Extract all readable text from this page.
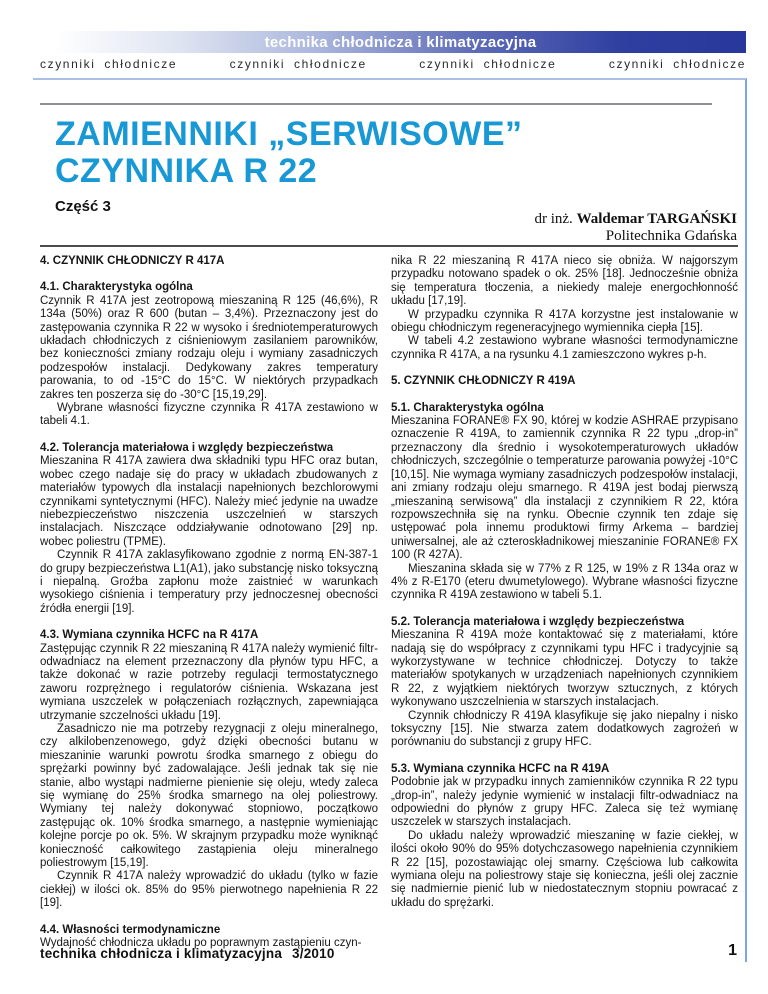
technika chłodnicza i klimatyzacyjna
czynniki chłodnicze	czynniki chłodnicze	czynniki chłodnicze	czynniki chłodnicze
ZAMIENNIKI „SERWISOWE”
CZYNNIKA R 22
Część 3
dr inż. Waldemar TARGAŃSKI
Politechnika Gdańska
4. CZYNNIK CHŁODNICZY R 417A
4.1. Charakterystyka ogólna
Czynnik R 417A jest zeotropową mieszaniną R 125 (46,6%), R 134a (50%) oraz R 600 (butan – 3,4%). Przeznaczony jest do zastępowania czynnika R 22 w wysoko i średniotemperaturowych układach chłodniczych z ciśnieniowym zasilaniem parowników, bez konieczności zmiany rodzaju oleju i wymiany zasadniczych podzespołów instalacji. Dedykowany zakres temperatury parowania, to od -15°C do 15°C. W niektórych przypadkach zakres ten poszerza się do -30°C [15,19,29].
Wybrane własności fizyczne czynnika R 417A zestawiono w tabeli 4.1.
4.2. Tolerancja materiałowa i względy bezpieczeństwa
Mieszanina R 417A zawiera dwa składniki typu HFC oraz butan, wobec czego nadaje się do pracy w układach zbudowanych z materiałów typowych dla instalacji napełnionych bezchlorowymi czynnikami syntetycznymi (HFC). Należy mieć jedynie na uwadze niebezpieczeństwo niszczenia uszczelnień w starszych instalacjach. Niszczące oddziaływanie odnotowano [29] np. wobec poliestru (TPME).
Czynnik R 417A zaklasyfikowano zgodnie z normą EN-387-1 do grupy bezpieczeństwa L1(A1), jako substancję nisko toksyczną i niepalną. Groźba zapłonu może zaistnieć w warunkach wysokiego ciśnienia i temperatury przy jednoczesnej obecności źródła energii [19].
4.3. Wymiana czynnika HCFC na R 417A
Zastępując czynnik R 22 mieszaniną R 417A należy wymienić filtr-odwadniacz na element przeznaczony dla płynów typu HFC, a także dokonać w razie potrzeby regulacji termostatycznego zaworu rozprężnego i regulatorów ciśnienia. Wskazana jest wymiana uszczelek w połączeniach rozłącznych, zapewniająca utrzymanie szczelności układu [19].
Zasadniczo nie ma potrzeby rezygnacji z oleju mineralnego, czy alkilobenzenowego, gdyż dzięki obecności butanu w mieszaninie warunki powrotu środka smarnego z obiegu do sprężarki powinny być zadowalające. Jeśli jednak tak się nie stanie, albo wystąpi nadmierne pienienie się oleju, wtedy zaleca się wymianę do 25% środka smarnego na olej poliestrowy. Wymiany tej należy dokonywać stopniowo, początkowo zastępując ok. 10% środka smarnego, a następnie wymieniając kolejne porcje po ok. 5%. W skrajnym przypadku może wyniknąć konieczność całkowitego zastąpienia oleju mineralnego poliestrowym [15,19].
Czynnik R 417A należy wprowadzić do układu (tylko w fazie ciekłej) w ilości ok. 85% do 95% pierwotnego napełnienia R 22 [19].
4.4. Własności termodynamiczne
Wydajność chłodnicza układu po poprawnym zastąpieniu czyn-
nika R 22 mieszaniną R 417A nieco się obniża. W najgorszym przypadku notowano spadek o ok. 25% [18]. Jednocześnie obniża się temperatura tłoczenia, a niekiedy maleje energochłonność układu [17,19].
W przypadku czynnika R 417A korzystne jest instalowanie w obiegu chłodniczym regeneracyjnego wymiennika ciepła [15].
W tabeli 4.2 zestawiono wybrane własności termodynamiczne czynnika R 417A, a na rysunku 4.1 zamieszczono wykres p-h.
5. CZYNNIK CHŁODNICZY R 419A
5.1. Charakterystyka ogólna
Mieszanina FORANE® FX 90, której w kodzie ASHRAE przypisano oznaczenie R 419A, to zamiennik czynnika R 22 typu „drop-in” przeznaczony dla średnio i wysokotemperaturowych układów chłodniczych, szczególnie o temperaturze parowania powyżej -10°C [10,15]. Nie wymaga wymiany zasadniczych podzespołów instalacji, ani zmiany rodzaju oleju smarnego. R 419A jest bodaj pierwszą „mieszaniną serwisową” dla instalacji z czynnikiem R 22, która rozpowszechniła się na rynku. Obecnie czynnik ten zdaje się ustępować pola innemu produktowi firmy Arkema – bardziej uniwersalnej, ale aż czteroskładnikowej mieszaninie FORANE® FX 100 (R 427A).
Mieszanina składa się w 77% z R 125, w 19% z R 134a oraz w 4% z R-E170 (eteru dwumetylowego). Wybrane własności fizyczne czynnika R 419A zestawiono w tabeli 5.1.
5.2. Tolerancja materiałowa i względy bezpieczeństwa
Mieszanina R 419A może kontaktować się z materiałami, które nadają się do współpracy z czynnikami typu HFC i tradycyjnie są wykorzystywane w technice chłodniczej. Dotyczy to także materiałów spotykanych w urządzeniach napełnionych czynnikiem R 22, z wyjątkiem niektórych tworzyw sztucznych, z których wykonywano uszczelnienia w starszych instalacjach.
Czynnik chłodniczy R 419A klasyfikuje się jako niepalny i nisko toksyczny [15]. Nie stwarza zatem dodatkowych zagrożeń w porównaniu do substancji z grupy HFC.
5.3. Wymiana czynnika HCFC na R 419A
Podobnie jak w przypadku innych zamienników czynnika R 22 typu „drop-in”, należy jedynie wymienić w instalacji filtr-odwadniacz na odpowiedni do płynów z grupy HFC. Zaleca się też wymianę uszczelek w starszych instalacjach.
Do układu należy wprowadzić mieszaninę w fazie ciekłej, w ilości około 90% do 95% dotychczasowego napełnienia czynnikiem R 22 [15], pozostawiając olej smarny. Częściowa lub całkowita wymiana oleju na poliestrowy staje się konieczna, jeśli olej zacznie się nadmiernie pienić lub w niedostatecznym stopniu powracać z układu do sprężarki.
technika chłodnicza i klimatyzacyjna 3/2010	1
